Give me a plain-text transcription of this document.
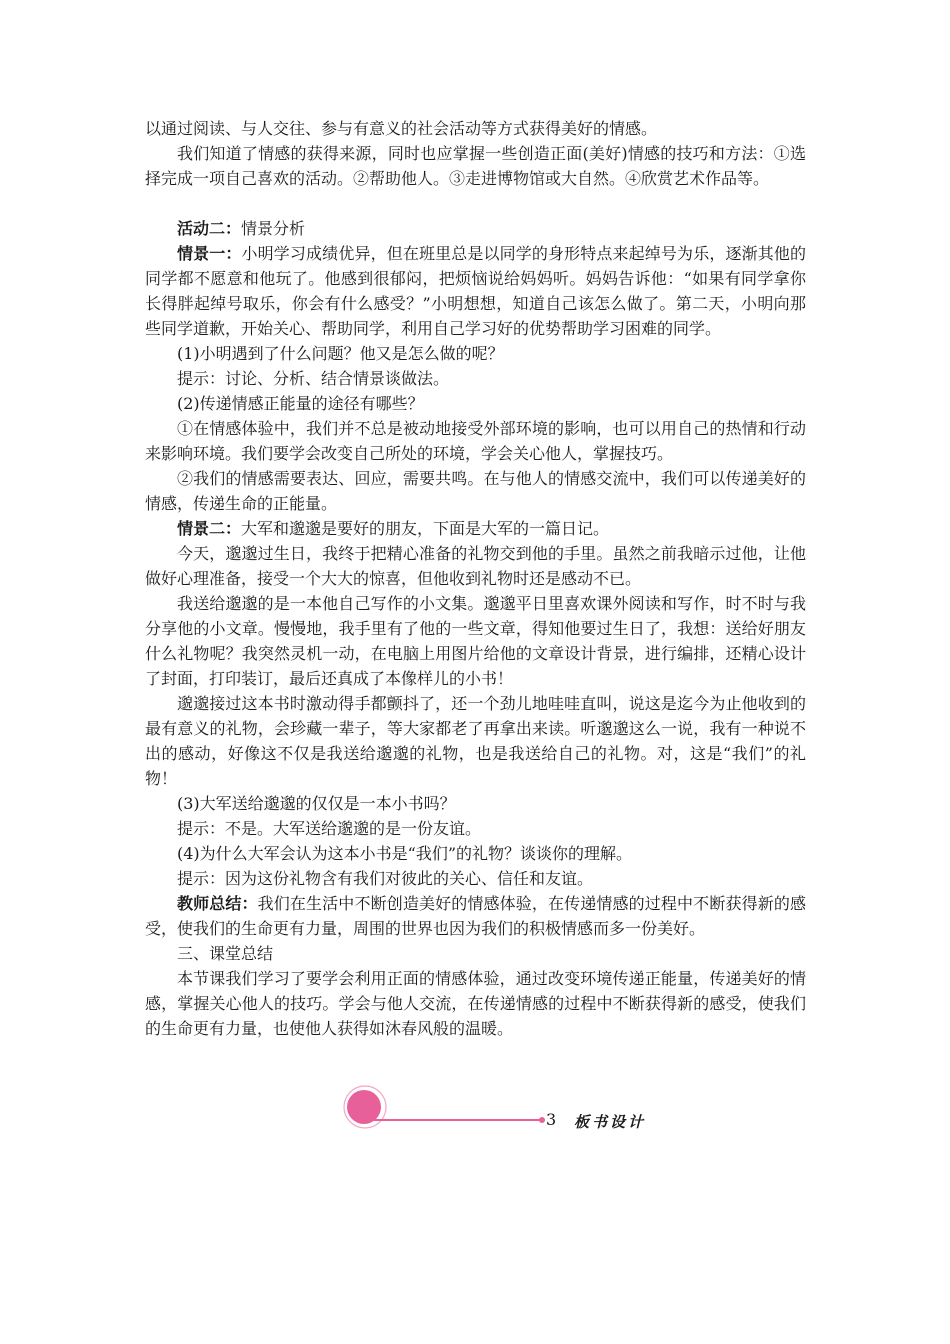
以通过阅读、与人交往、参与有意义的社会活动等方式获得美好的情感。

我们知道了情感的获得来源，同时也应掌握一些创造正面(美好)情感的技巧和方法：①选择完成一项自己喜欢的活动。②帮助他人。③走进博物馆或大自然。④欣赏艺术作品等。

活动二：情景分析

情景一：小明学习成绩优异，但在班里总是以同学的身形特点来起绰号为乐，逐渐其他的同学都不愿意和他玩了。他感到很郁闷，把烦恼说给妈妈听。妈妈告诉他：“如果有同学拿你长得胖起绰号取乐，你会有什么感受？”小明想想，知道自己该怎么做了。第二天，小明向那些同学道歉，开始关心、帮助同学，利用自己学习好的优势帮助学习困难的同学。

(1)小明遇到了什么问题？他又是怎么做的呢？

提示：讨论、分析、结合情景谈做法。

(2)传递情感正能量的途径有哪些？

①在情感体验中，我们并不总是被动地接受外部环境的影响，也可以用自己的热情和行动来影响环境。我们要学会改变自己所处的环境，学会关心他人，掌握技巧。

②我们的情感需要表达、回应，需要共鸣。在与他人的情感交流中，我们可以传递美好的情感，传递生命的正能量。

情景二：大军和邈邈是要好的朋友，下面是大军的一篇日记。

今天，邈邈过生日，我终于把精心准备的礼物交到他的手里。虽然之前我暗示过他，让他做好心理准备，接受一个大大的惊喜，但他收到礼物时还是感动不已。

我送给邈邈的是一本他自己写作的小文集。邈邈平日里喜欢课外阅读和写作，时不时与我分享他的小文章。慢慢地，我手里有了他的一些文章，得知他要过生日了，我想：送给好朋友什么礼物呢？我突然灵机一动，在电脑上用图片给他的文章设计背景，进行编排，还精心设计了封面，打印装订，最后还真成了本像样儿的小书！

邈邈接过这本书时激动得手都颤抖了，还一个劲儿地哇哇直叫，说这是迄今为止他收到的最有意义的礼物，会珍藏一辈子，等大家都老了再拿出来读。听邈邈这么一说，我有一种说不出的感动，好像这不仅是我送给邈邈的礼物，也是我送给自己的礼物。对，这是“我们”的礼物！

(3)大军送给邈邈的仅仅是一本小书吗？

提示：不是。大军送给邈邈的是一份友谊。

(4)为什么大军会认为这本小书是“我们”的礼物？谈谈你的理解。

提示：因为这份礼物含有我们对彼此的关心、信任和友谊。

教师总结：我们在生活中不断创造美好的情感体验，在传递情感的过程中不断获得新的感受，使我们的生命更有力量，周围的世界也因为我们的积极情感而多一份美好。

三、课堂总结

本节课我们学习了要学会利用正面的情感体验，通过改变环境传递正能量，传递美好的情感，掌握关心他人的技巧。学会与他人交流，在传递情感的过程中不断获得新的感受，使我们的生命更有力量，也使他人获得如沐春风般的温暖。

3 板书设计
